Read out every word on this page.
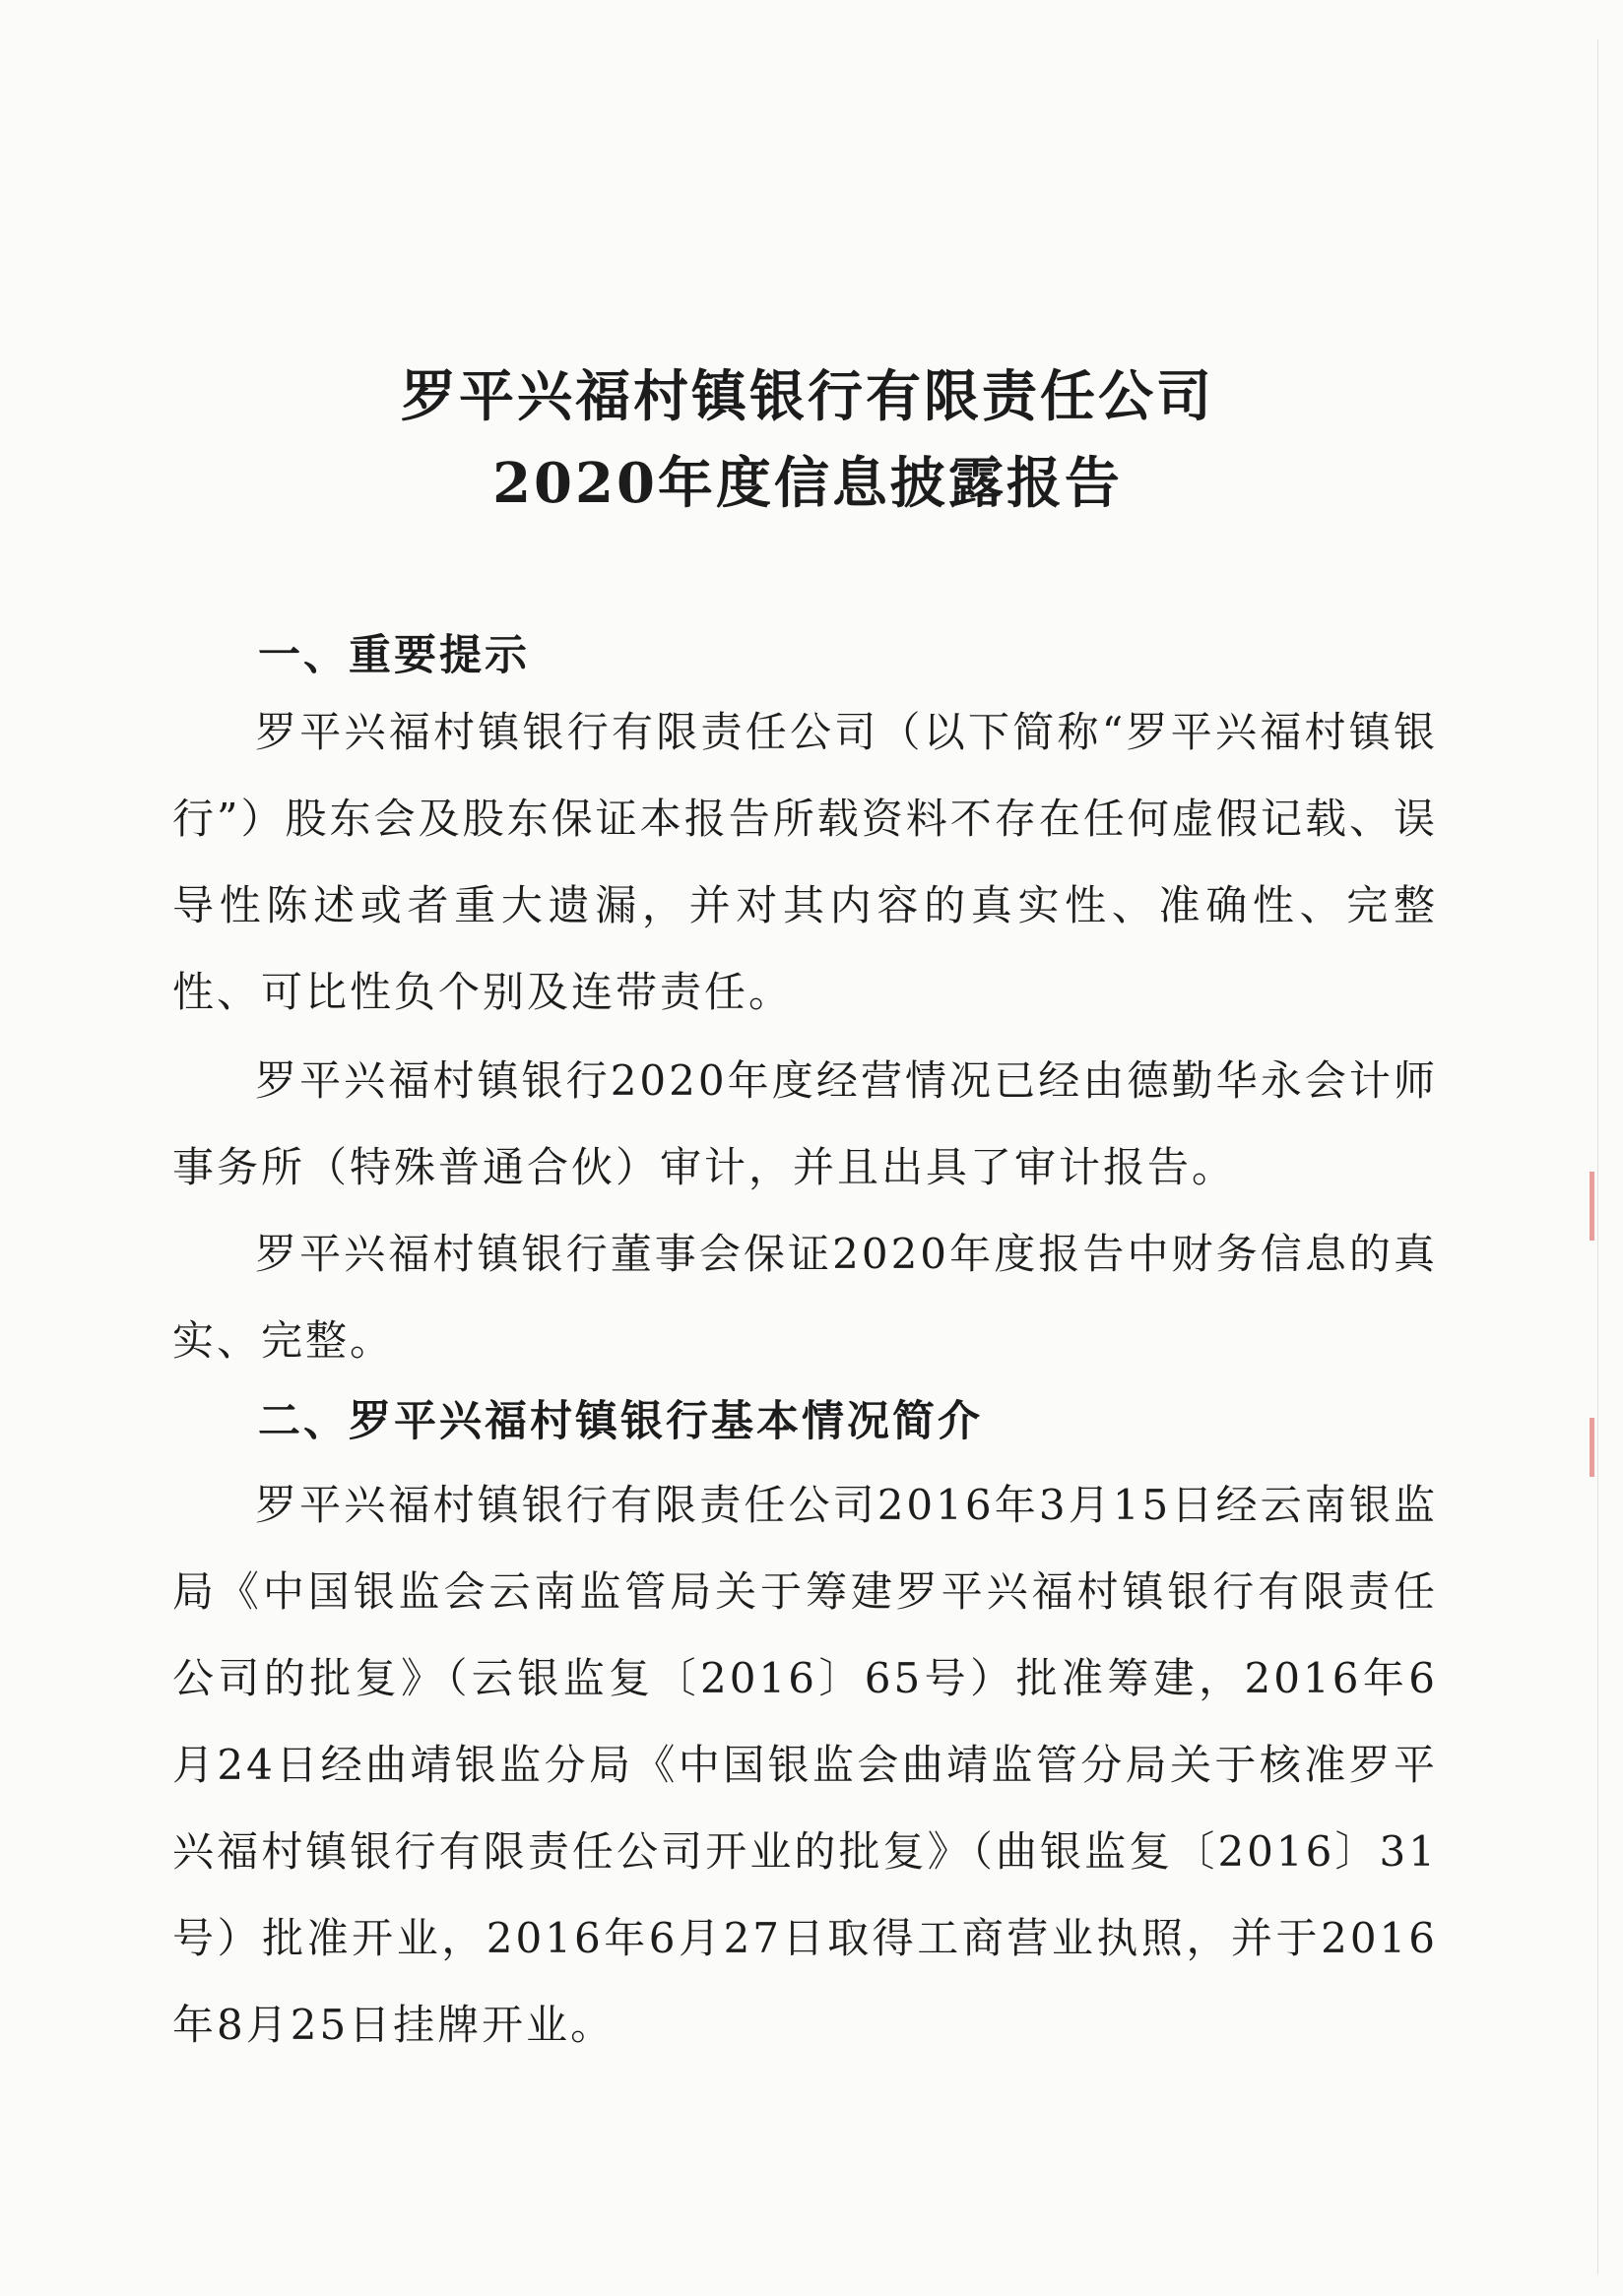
罗平兴福村镇银行有限责任公司
2020年度信息披露报告
一、重要提示

罗平兴福村镇银行有限责任公司（以下简称“罗平兴福村镇银行”）股东会及股东保证本报告所载资料不存在任何虚假记载、误导性陈述或者重大遗漏，并对其内容的真实性、准确性、完整性、可比性负个别及连带责任。

罗平兴福村镇银行2020年度经营情况已经由德勤华永会计师事务所（特殊普通合伙）审计，并且出具了审计报告。

罗平兴福村镇银行董事会保证2020年度报告中财务信息的真实、完整。

二、罗平兴福村镇银行基本情况简介

罗平兴福村镇银行有限责任公司2016年3月15日经云南银监局《中国银监会云南监管局关于筹建罗平兴福村镇银行有限责任公司的批复》（云银监复〔2016〕65号）批准筹建，2016年6月24日经曲靖银监分局《中国银监会曲靖监管分局关于核准罗平兴福村镇银行有限责任公司开业的批复》（曲银监复〔2016〕31号）批准开业，2016年6月27日取得工商营业执照，并于2016年8月25日挂牌开业。
